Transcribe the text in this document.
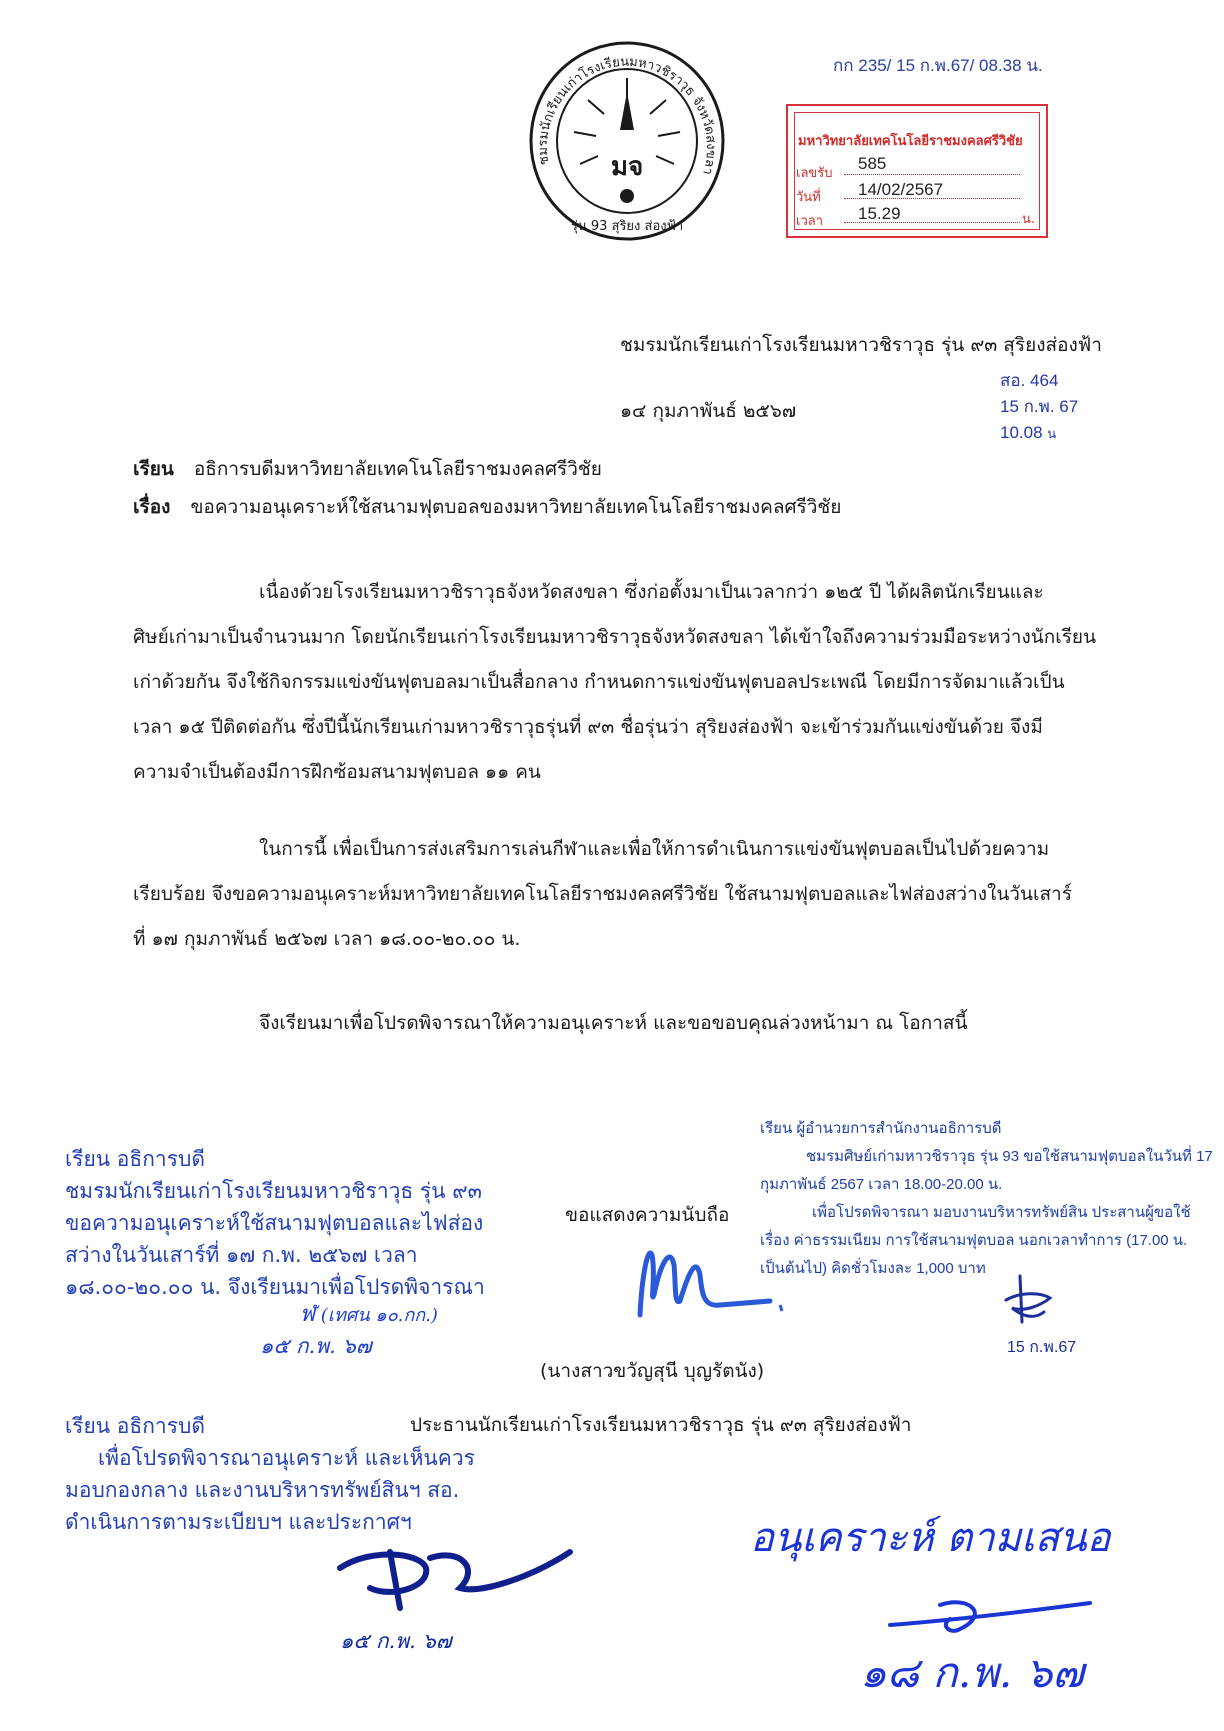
กก 235/ 15 ก.พ.67/ 08.38 น.
ชมรมนักเรียนเก่าโรงเรียนมหาวชิราวุธ จังหวัดสงขลา
รุ่น 93 สุริยง ส่องฟ้า
มจ
มหาวิทยาลัยเทคโนโลยีราชมงคลศรีวิชัย
เลขรับ
585
วันที่ 14/02/2567
เวลา 15.29	น.
ชมรมนักเรียนเก่าโรงเรียนมหาวชิราวุธ รุ่น ๙๓ สุริยงส่องฟ้า
๑๔ กุมภาพันธ์ ๒๕๖๗
สอ. 464
15 ก.พ. 67
10.08 น
เรียน อธิการบดีมหาวิทยาลัยเทคโนโลยีราชมงคลศรีวิชัย
เรื่อง ขอความอนุเคราะห์ใช้สนามฟุตบอลของมหาวิทยาลัยเทคโนโลยีราชมงคลศรีวิชัย
เนื่องด้วยโรงเรียนมหาวชิราวุธจังหวัดสงขลา ซึ่งก่อตั้งมาเป็นเวลากว่า ๑๒๕ ปี ได้ผลิตนักเรียนและ
ศิษย์เก่ามาเป็นจำนวนมาก โดยนักเรียนเก่าโรงเรียนมหาวชิราวุธจังหวัดสงขลา ได้เข้าใจถึงความร่วมมือระหว่างนักเรียน
เก่าด้วยกัน จึงใช้กิจกรรมแข่งขันฟุตบอลมาเป็นสื่อกลาง กำหนดการแข่งขันฟุตบอลประเพณี โดยมีการจัดมาแล้วเป็น
เวลา ๑๕ ปีติดต่อกัน ซึ่งปีนี้นักเรียนเก่ามหาวชิราวุธรุ่นที่ ๙๓ ชื่อรุ่นว่า สุริยงส่องฟ้า จะเข้าร่วมกันแข่งขันด้วย จึงมี
ความจำเป็นต้องมีการฝึกซ้อมสนามฟุตบอล ๑๑ คน
ในการนี้ เพื่อเป็นการส่งเสริมการเล่นกีฬาและเพื่อให้การดำเนินการแข่งขันฟุตบอลเป็นไปด้วยความ
เรียบร้อย จึงขอความอนุเคราะห์มหาวิทยาลัยเทคโนโลยีราชมงคลศรีวิชัย ใช้สนามฟุตบอลและไฟส่องสว่างในวันเสาร์
ที่ ๑๗ กุมภาพันธ์ ๒๕๖๗ เวลา ๑๘.๐๐-๒๐.๐๐ น.
จึงเรียนมาเพื่อโปรดพิจารณาให้ความอนุเคราะห์ และขอขอบคุณล่วงหน้ามา ณ โอกาสนี้
เรียน อธิการบดี
ชมรมนักเรียนเก่าโรงเรียนมหาวชิราวุธ รุ่น ๙๓
ขอความอนุเคราะห์ใช้สนามฟุตบอลและไฟส่อง
สว่างในวันเสาร์ที่ ๑๗ ก.พ. ๒๕๖๗ เวลา
๑๘.๐๐-๒๐.๐๐ น. จึงเรียนมาเพื่อโปรดพิจารณา
ฬ (เทศน ๑๐.กก.)
๑๕ ก.พ. ๖๗
ขอแสดงความนับถือ
(นางสาวขวัญสุนี บุญรัตนัง)
ประธานนักเรียนเก่าโรงเรียนมหาวชิราวุธ รุ่น ๙๓ สุริยงส่องฟ้า
เรียน ผู้อำนวยการสำนักงานอธิการบดี
ชมรมศิษย์เก่ามหาวชิราวุธ รุ่น 93 ขอใช้สนามฟุตบอลในวันที่ 17
กุมภาพันธ์ 2567 เวลา 18.00-20.00 น.
เพื่อโปรดพิจารณา มอบงานบริหารทรัพย์สิน ประสานผู้ขอใช้
เรื่อง ค่าธรรมเนียม การใช้สนามฟุตบอล นอกเวลาทำการ (17.00 น.
เป็นต้นไป) คิดชั่วโมงละ 1,000 บาท
15 ก.พ.67
เรียน อธิการบดี
เพื่อโปรดพิจารณาอนุเคราะห์ และเห็นควร
มอบกองกลาง และงานบริหารทรัพย์สินฯ สอ.
ดำเนินการตามระเบียบฯ และประกาศฯ
๑๕ ก.พ. ๖๗
อนุเคราะห์ ตามเสนอ
๑๘ ก.พ. ๖๗
